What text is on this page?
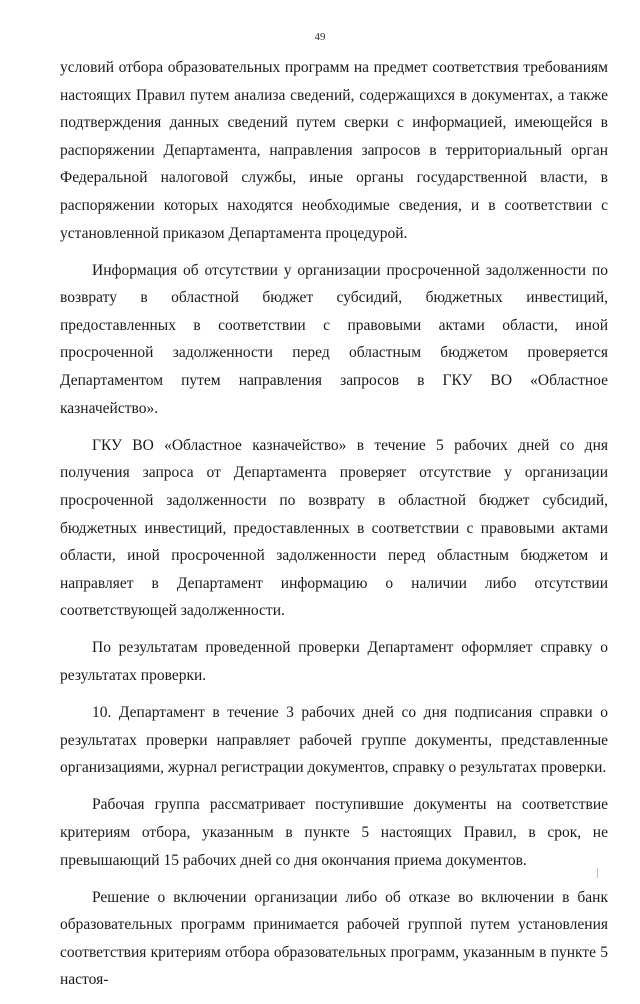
49

условий отбора образовательных программ на предмет соответствия требованиям настоящих Правил путем анализа сведений, содержащихся в документах, а также подтверждения данных сведений путем сверки с информацией, имеющейся в распоряжении Департамента, направления запросов в территориальный орган Федеральной налоговой службы, иные органы государственной власти, в распоряжении которых находятся необходимые сведения, и в соответствии с установленной приказом Департамента процедурой.

Информация об отсутствии у организации просроченной задолженности по возврату в областной бюджет субсидий, бюджетных инвестиций, предоставленных в соответствии с правовыми актами области, иной просроченной задолженности перед областным бюджетом проверяется Департаментом путем направления запросов в ГКУ ВО «Областное казначейство».

ГКУ ВО «Областное казначейство» в течение 5 рабочих дней со дня получения запроса от Департамента проверяет отсутствие у организации просроченной задолженности по возврату в областной бюджет субсидий, бюджетных инвестиций, предоставленных в соответствии с правовыми актами области, иной просроченной задолженности перед областным бюджетом и направляет в Департамент информацию о наличии либо отсутствии соответствующей задолженности.

По результатам проведенной проверки Департамент оформляет справку о результатах проверки.

10. Департамент в течение 3 рабочих дней со дня подписания справки о результатах проверки направляет рабочей группе документы, представленные организациями, журнал регистрации документов, справку о результатах проверки.

Рабочая группа рассматривает поступившие документы на соответствие критериям отбора, указанным в пункте 5 настоящих Правил, в срок, не превышающий 15 рабочих дней со дня окончания приема документов.

Решение о включении организации либо об отказе во включении в банк образовательных программ принимается рабочей группой путем установления соответствия критериям отбора образовательных программ, указанным в пункте 5 настоя-
